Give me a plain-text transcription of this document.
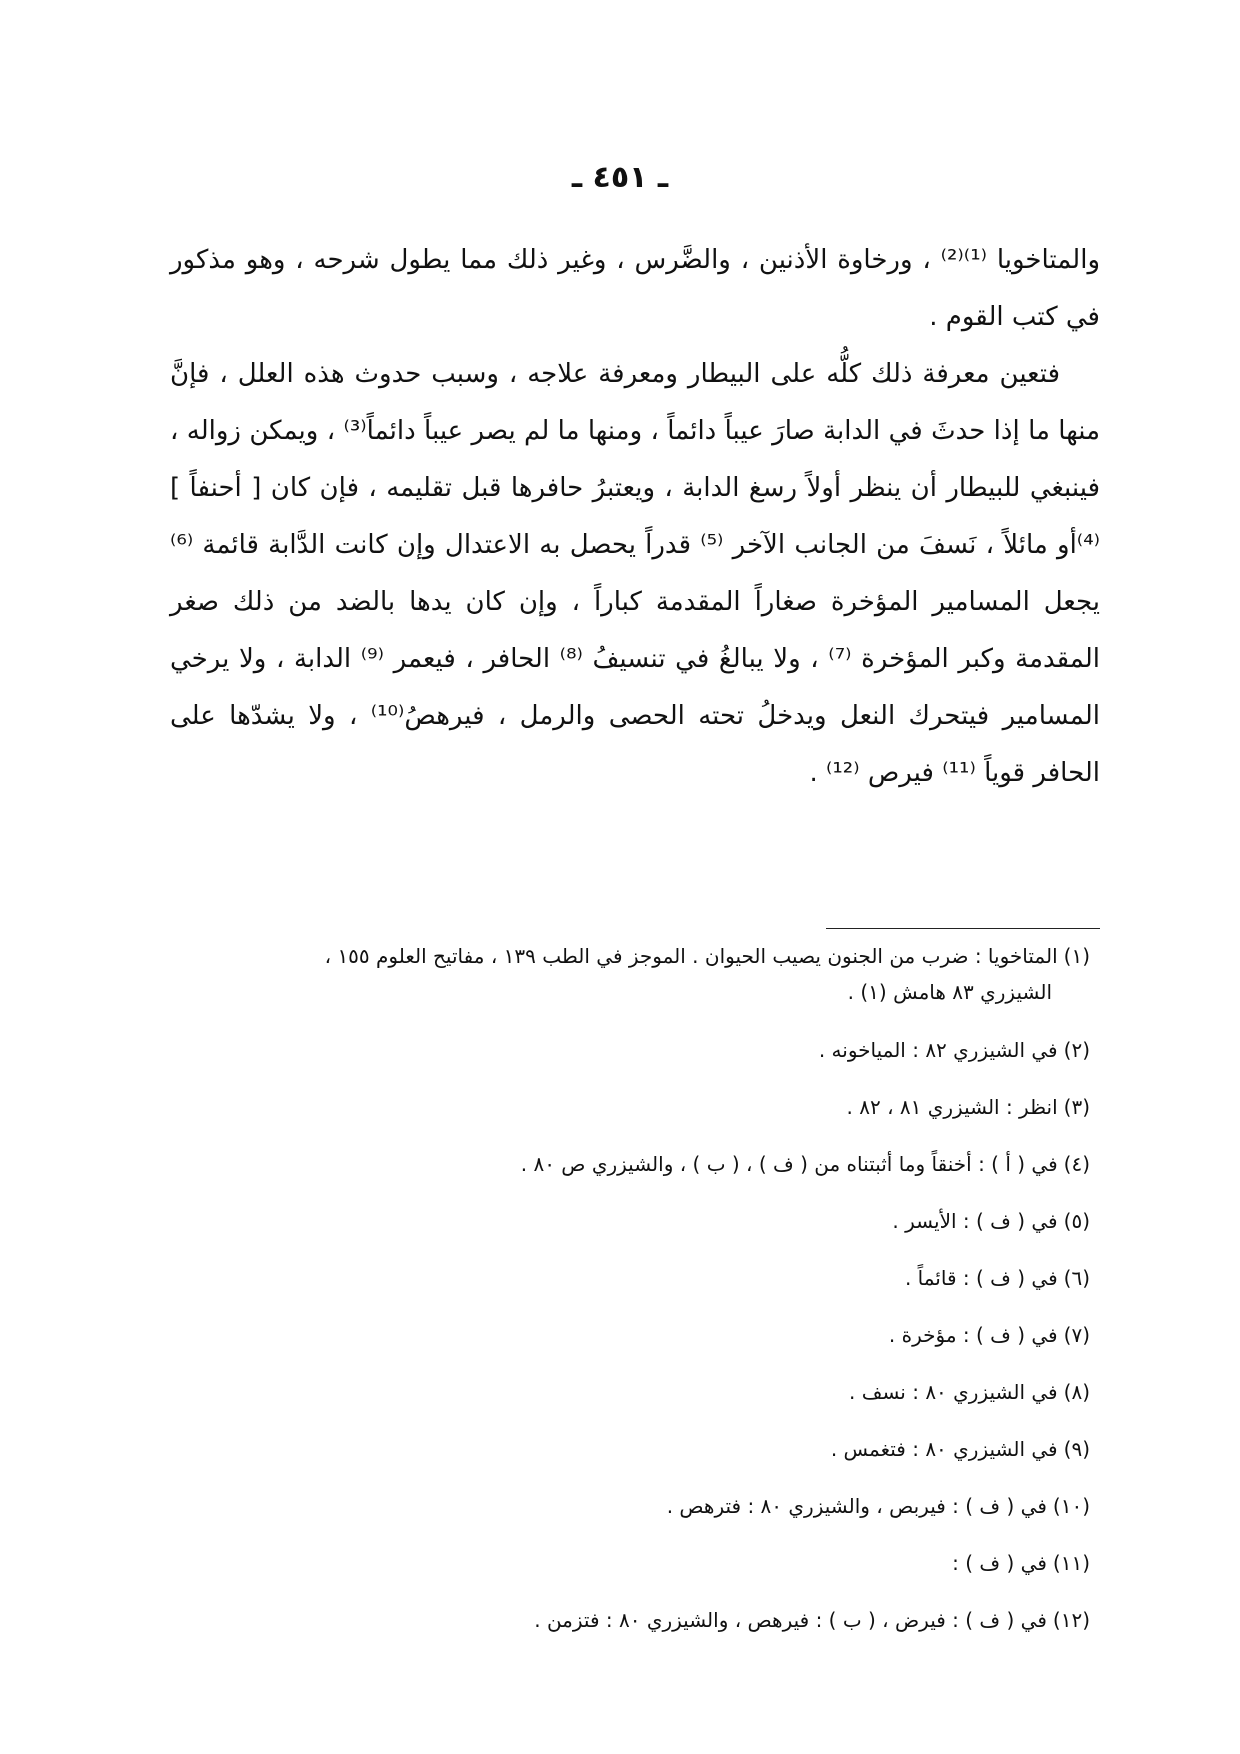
ـ ٤٥١ ـ

والمتاخويا ⁽¹⁾⁽²⁾ ، ورخاوة الأذنين ، والضَّرس ، وغير ذلك مما يطول شرحه ، وهو مذكور في كتب القوم .

فتعين معرفة ذلك كلُّه على البيطار ومعرفة علاجه ، وسبب حدوث هذه العلل ، فإنَّ منها ما إذا حدثَ في الدابة صارَ عيباً دائماً ، ومنها ما لم يصر عيباً دائماً⁽³⁾ ، ويمكن زواله ، فينبغي للبيطار أن ينظر أولاً رسغ الدابة ، ويعتبرُ حافرها قبل تقليمه ، فإن كان [ أحنفاً ] ⁽⁴⁾أو مائلاً ، نَسفَ من الجانب الآخر ⁽⁵⁾ قدراً يحصل به الاعتدال وإن كانت الدَّابة قائمة ⁽⁶⁾ يجعل المسامير المؤخرة صغاراً المقدمة كباراً ، وإن كان يدها بالضد من ذلك صغر المقدمة وكبر المؤخرة ⁽⁷⁾ ، ولا يبالغُ في تنسيفُ ⁽⁸⁾ الحافر ، فيعمر ⁽⁹⁾ الدابة ، ولا يرخي المسامير فيتحرك النعل ويدخلُ تحته الحصى والرمل ، فيرهصُ⁽¹⁰⁾ ، ولا يشدّها على الحافر قوياً ⁽¹¹⁾ فيرص ⁽¹²⁾ .

(١)المتاخويا : ضرب من الجنون يصيب الحيوان . الموجز في الطب ١٣٩ ، مفاتيح العلوم ١٥٥ ،
الشيزري ٨٣ هامش (١) .
(٢)في الشيزري ٨٢ : المياخونه .
(٣)انظر : الشيزري ٨١ ، ٨٢ .
(٤)في ( أ ) : أخنقاً وما أثبتناه من ( ف ) ، ( ب ) ، والشيزري ص ٨٠ .
(٥)في ( ف ) : الأيسر .
(٦)في ( ف ) : قائماً .
(٧)في ( ف ) : مؤخرة .
(٨)في الشيزري ٨٠ : نسف .
(٩)في الشيزري ٨٠ : فتغمس .
(١٠)في ( ف ) : فيربص ، والشيزري ٨٠ : فترهص .
(١١)في ( ف ) :
(١٢)في ( ف ) : فيرض ، ( ب ) : فيرهص ، والشيزري ٨٠ : فتزمن .
